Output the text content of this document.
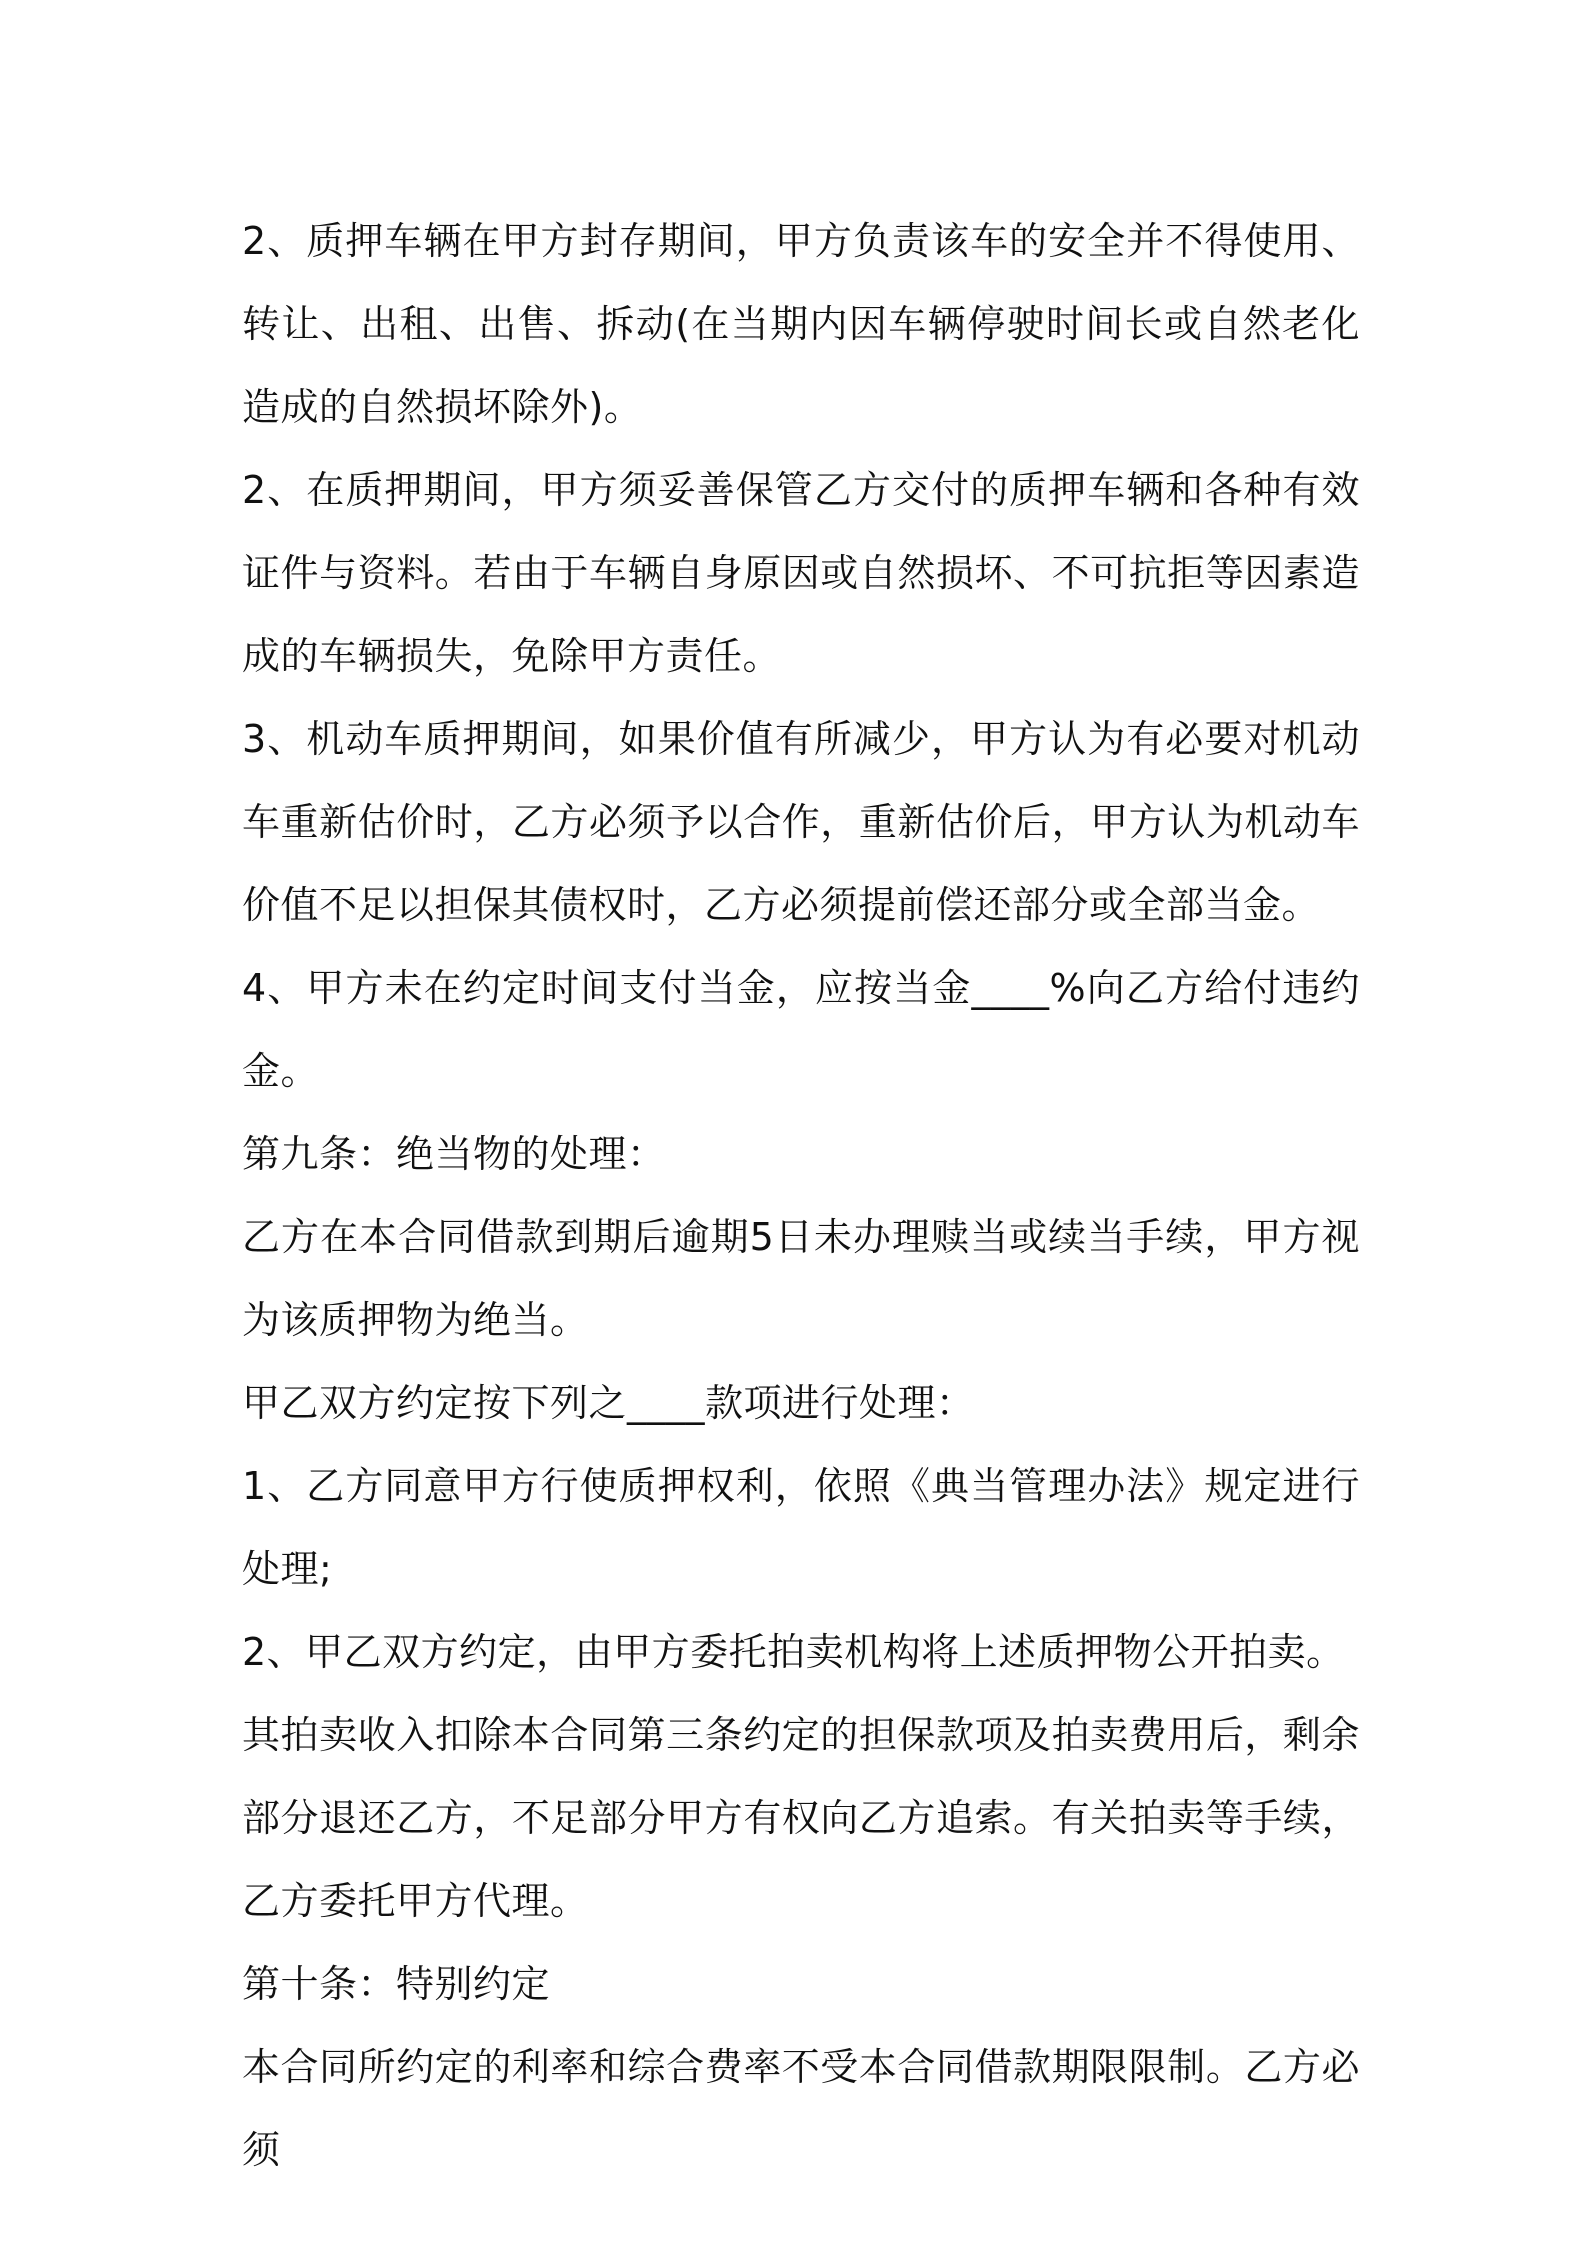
2、质押车辆在甲方封存期间，甲方负责该车的安全并不得使用、转让、出租、出售、拆动(在当期内因车辆停驶时间长或自然老化造成的自然损坏除外)。

2、在质押期间，甲方须妥善保管乙方交付的质押车辆和各种有效证件与资料。若由于车辆自身原因或自然损坏、不可抗拒等因素造成的车辆损失，免除甲方责任。

3、机动车质押期间，如果价值有所减少，甲方认为有必要对机动车重新估价时，乙方必须予以合作，重新估价后，甲方认为机动车价值不足以担保其债权时，乙方必须提前偿还部分或全部当金。

4、甲方未在约定时间支付当金，应按当金____%向乙方给付违约金。

第九条：绝当物的处理：

乙方在本合同借款到期后逾期5日未办理赎当或续当手续，甲方视为该质押物为绝当。

甲乙双方约定按下列之____款项进行处理：

1、乙方同意甲方行使质押权利，依照《典当管理办法》规定进行处理;

2、甲乙双方约定，由甲方委托拍卖机构将上述质押物公开拍卖。

其拍卖收入扣除本合同第三条约定的担保款项及拍卖费用后，剩余部分退还乙方，不足部分甲方有权向乙方追索。有关拍卖等手续，乙方委托甲方代理。

第十条：特别约定

本合同所约定的利率和综合费率不受本合同借款期限限制。乙方必须
